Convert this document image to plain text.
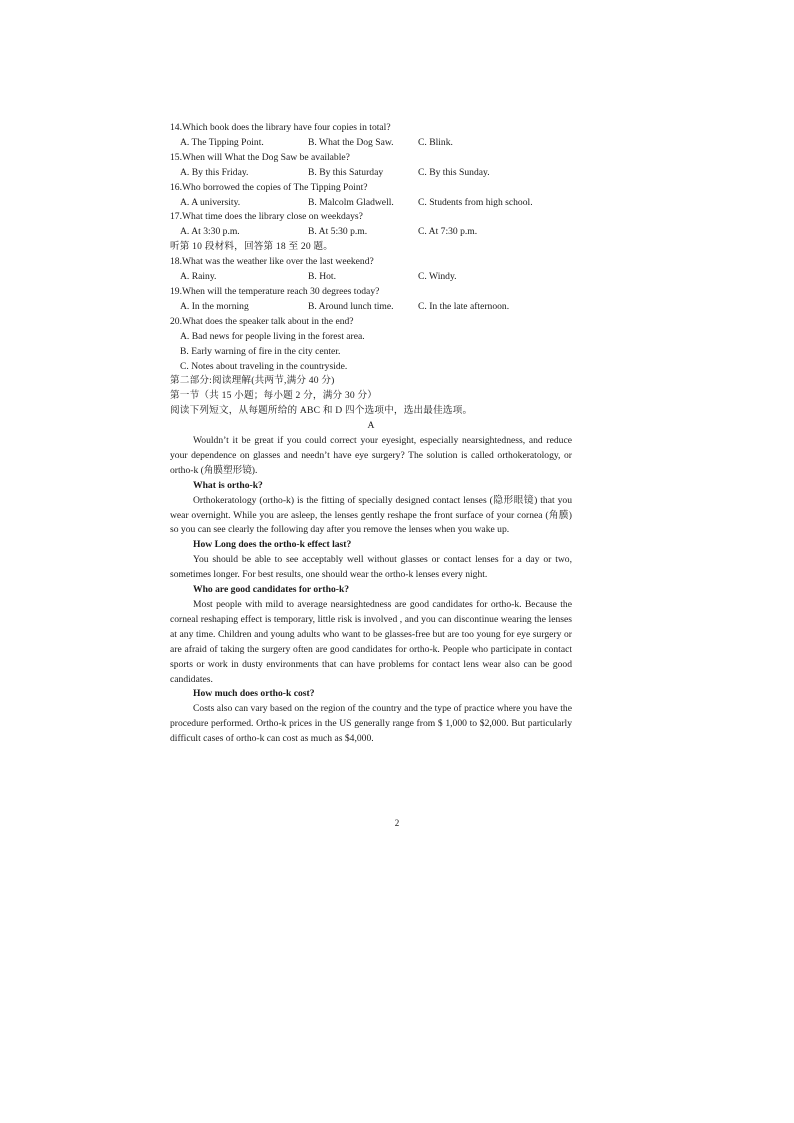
14.Which book does the library have four copies in total?
A. The Tipping Point.	B. What the Dog Saw.	C. Blink.
15.When will What the Dog Saw be available?
A. By this Friday.	B. By this Saturday	C. By this Sunday.
16.Who borrowed the copies of The Tipping Point?
A. A university.	B. Malcolm Gladwell.	C. Students from high school.
17.What time does the library close on weekdays?
A. At 3:30 p.m.	B. At 5:30 p.m.	C. At 7:30 p.m.
听第 10 段材料，回答第 18 至 20 题。
18.What was the weather like over the last weekend?
A. Rainy.	B. Hot.	C. Windy.
19.When will the temperature reach 30 degrees today?
A. In the morning	B. Around lunch time.	C. In the late afternoon.
20.What does the speaker talk about in the end?
A. Bad news for people living in the forest area.
B. Early warning of fire in the city center.
C. Notes about traveling in the countryside.
第二部分:阅读理解(共两节,满分 40 分)
第一节（共 15 小题；每小题 2 分，满分 30 分）
阅读下列短文，从每题所给的 ABC 和 D 四个选项中，选出最佳选项。
A
Wouldn’t it be great if you could correct your eyesight, especially nearsightedness, and reduce your dependence on glasses and needn’t have eye surgery? The solution is called orthokeratology, or ortho-k (角膜塑形镜).
What is ortho-k?
Orthokeratology (ortho-k) is the fitting of specially designed contact lenses (隐形眼镜) that you wear overnight. While you are asleep, the lenses gently reshape the front surface of your cornea (角膜) so you can see clearly the following day after you remove the lenses when you wake up.
How Long does the ortho-k effect last?
You should be able to see acceptably well without glasses or contact lenses for a day or two, sometimes longer. For best results, one should wear the ortho-k lenses every night.
Who are good candidates for ortho-k?
Most people with mild to average nearsightedness are good candidates for ortho-k. Because the corneal reshaping effect is temporary, little risk is involved , and you can discontinue wearing the lenses at any time. Children and young adults who want to be glasses-free but are too young for eye surgery or are afraid of taking the surgery often are good candidates for ortho-k. People who participate in contact sports or work in dusty environments that can have problems for contact lens wear also can be good candidates.
How much does ortho-k cost?
Costs also can vary based on the region of the country and the type of practice where you have the procedure performed. Ortho-k prices in the US generally range from $ 1,000 to $2,000. But particularly difficult cases of ortho-k can cost as much as $4,000.
2
